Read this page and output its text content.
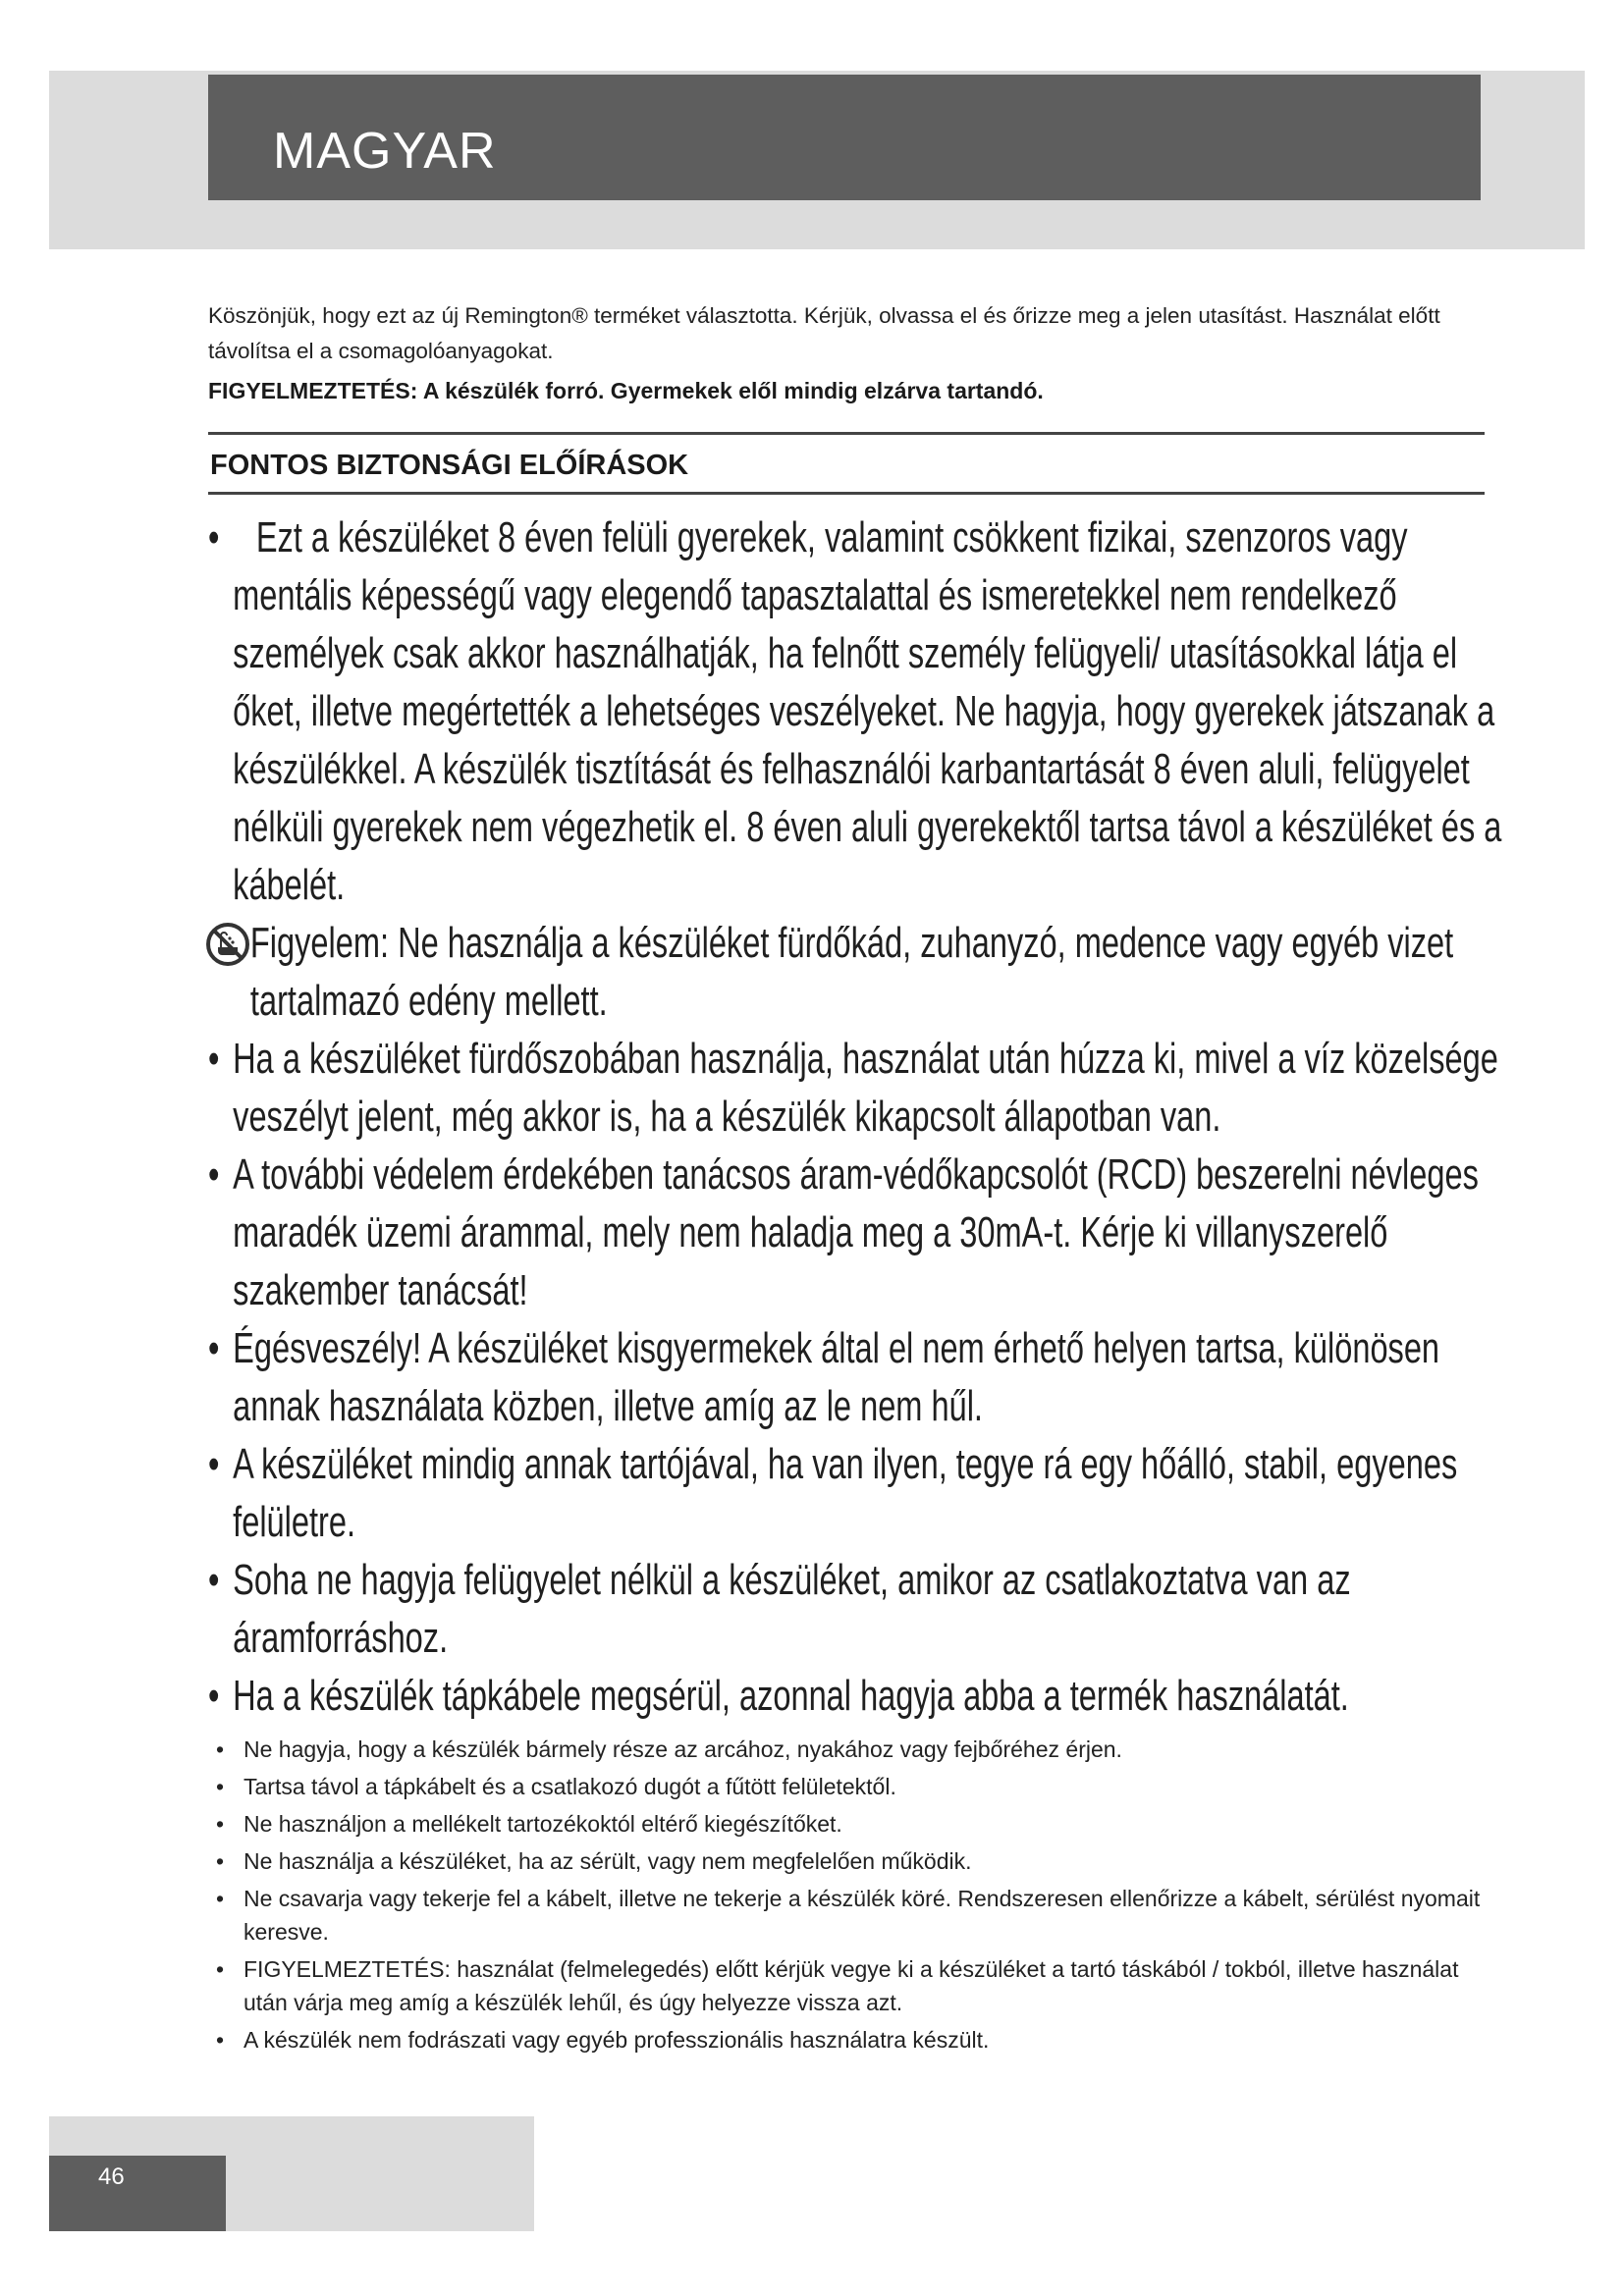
MAGYAR
Köszönjük, hogy ezt az új Remington® terméket választotta. Kérjük, olvassa el és őrizze meg a jelen utasítást. Használat előtt távolítsa el a csomagolóanyagokat.
FIGYELMEZTETÉS: A készülék forró. Gyermekek elől mindig elzárva tartandó.
FONTOS BIZTONSÁGI ELŐÍRÁSOK
• Ezt a készüléket 8 éven felüli gyerekek, valamint csökkent fizikai, szenzoros vagy mentális képességű vagy elegendő tapasztalattal és ismeretekkel nem rendelkező személyek csak akkor használhatják, ha felnőtt személy felügyeli/ utasításokkal látja el őket, illetve megértették a lehetséges veszélyeket. Ne hagyja, hogy gyerekek játszanak a készülékkel. A készülék tisztítását és felhasználói karbantartását 8 éven aluli, felügyelet nélküli gyerekek nem végezhetik el. 8 éven aluli gyerekektől tartsa távol a készüléket és a kábelét.
Figyelem: Ne használja a készüléket fürdőkád, zuhanyzó, medence vagy egyéb vizet tartalmazó edény mellett.
• Ha a készüléket fürdőszobában használja, használat után húzza ki, mivel a víz közelsége veszélyt jelent, még akkor is, ha a készülék kikapcsolt állapotban van.
• A további védelem érdekében tanácsos áram-védőkapcsolót (RCD) beszerelni névleges maradék üzemi árammal, mely nem haladja meg a 30mA-t. Kérje ki villanyszerelő szakember tanácsát!
• Égésveszély! A készüléket kisgyermekek által el nem érhető helyen tartsa, különösen annak használata közben, illetve amíg az le nem hűl.
• A készüléket mindig annak tartójával, ha van ilyen, tegye rá egy hőálló, stabil, egyenes felületre.
• Soha ne hagyja felügyelet nélkül a készüléket, amikor az csatlakoztatva van az áramforráshoz.
• Ha a készülék tápkábele megsérül, azonnal hagyja abba a termék használatát.
• Ne hagyja, hogy a készülék bármely része az arcához, nyakához vagy fejbőréhez érjen.
• Tartsa távol a tápkábelt és a csatlakozó dugót a fűtött felületektől.
• Ne használjon a mellékelt tartozékoktól eltérő kiegészítőket.
• Ne használja a készüléket, ha az sérült, vagy nem megfelelően működik.
• Ne csavarja vagy tekerje fel a kábelt, illetve ne tekerje a készülék köré. Rendszeresen ellenőrizze a kábelt, sérülést nyomait keresve.
• FIGYELMEZTETÉS: használat (felmelegedés) előtt kérjük vegye ki a készüléket a tartó táskából / tokból, illetve használat után várja meg amíg a készülék lehűl, és úgy helyezze vissza azt.
• A készülék nem fodrászati vagy egyéb professzionális használatra készült.
46
